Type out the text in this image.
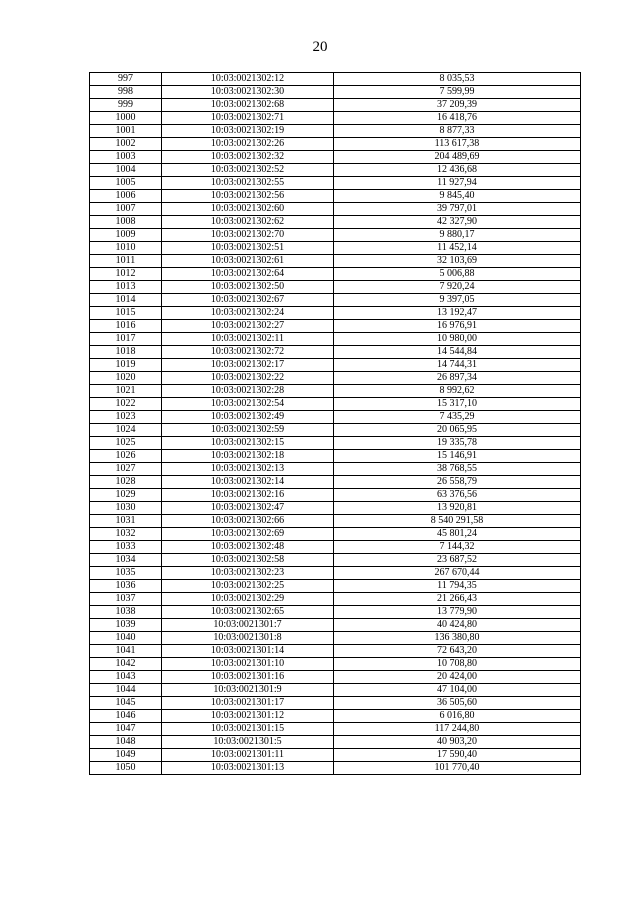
20
997	10:03:0021302:12	8 035,53
998	10:03:0021302:30	7 599,99
999	10:03:0021302:68	37 209,39
1000	10:03:0021302:71	16 418,76
1001	10:03:0021302:19	8 877,33
1002	10:03:0021302:26	113 617,38
1003	10:03:0021302:32	204 489,69
1004	10:03:0021302:52	12 436,68
1005	10:03:0021302:55	11 927,94
1006	10:03:0021302:56	9 845,40
1007	10:03:0021302:60	39 797,01
1008	10:03:0021302:62	42 327,90
1009	10:03:0021302:70	9 880,17
1010	10:03:0021302:51	11 452,14
1011	10:03:0021302:61	32 103,69
1012	10:03:0021302:64	5 006,88
1013	10:03:0021302:50	7 920,24
1014	10:03:0021302:67	9 397,05
1015	10:03:0021302:24	13 192,47
1016	10:03:0021302:27	16 976,91
1017	10:03:0021302:11	10 980,00
1018	10:03:0021302:72	14 544,84
1019	10:03:0021302:17	14 744,31
1020	10:03:0021302:22	26 897,34
1021	10:03:0021302:28	8 992,62
1022	10:03:0021302:54	15 317,10
1023	10:03:0021302:49	7 435,29
1024	10:03:0021302:59	20 065,95
1025	10:03:0021302:15	19 335,78
1026	10:03:0021302:18	15 146,91
1027	10:03:0021302:13	38 768,55
1028	10:03:0021302:14	26 558,79
1029	10:03:0021302:16	63 376,56
1030	10:03:0021302:47	13 920,81
1031	10:03:0021302:66	8 540 291,58
1032	10:03:0021302:69	45 801,24
1033	10:03:0021302:48	7 144,32
1034	10:03:0021302:58	23 687,52
1035	10:03:0021302:23	267 670,44
1036	10:03:0021302:25	11 794,35
1037	10:03:0021302:29	21 266,43
1038	10:03:0021302:65	13 779,90
1039	10:03:0021301:7	40 424,80
1040	10:03:0021301:8	136 380,80
1041	10:03:0021301:14	72 643,20
1042	10:03:0021301:10	10 708,80
1043	10:03:0021301:16	20 424,00
1044	10:03:0021301:9	47 104,00
1045	10:03:0021301:17	36 505,60
1046	10:03:0021301:12	6 016,80
1047	10:03:0021301:15	117 244,80
1048	10:03:0021301:5	40 903,20
1049	10:03:0021301:11	17 590,40
1050	10:03:0021301:13	101 770,40
